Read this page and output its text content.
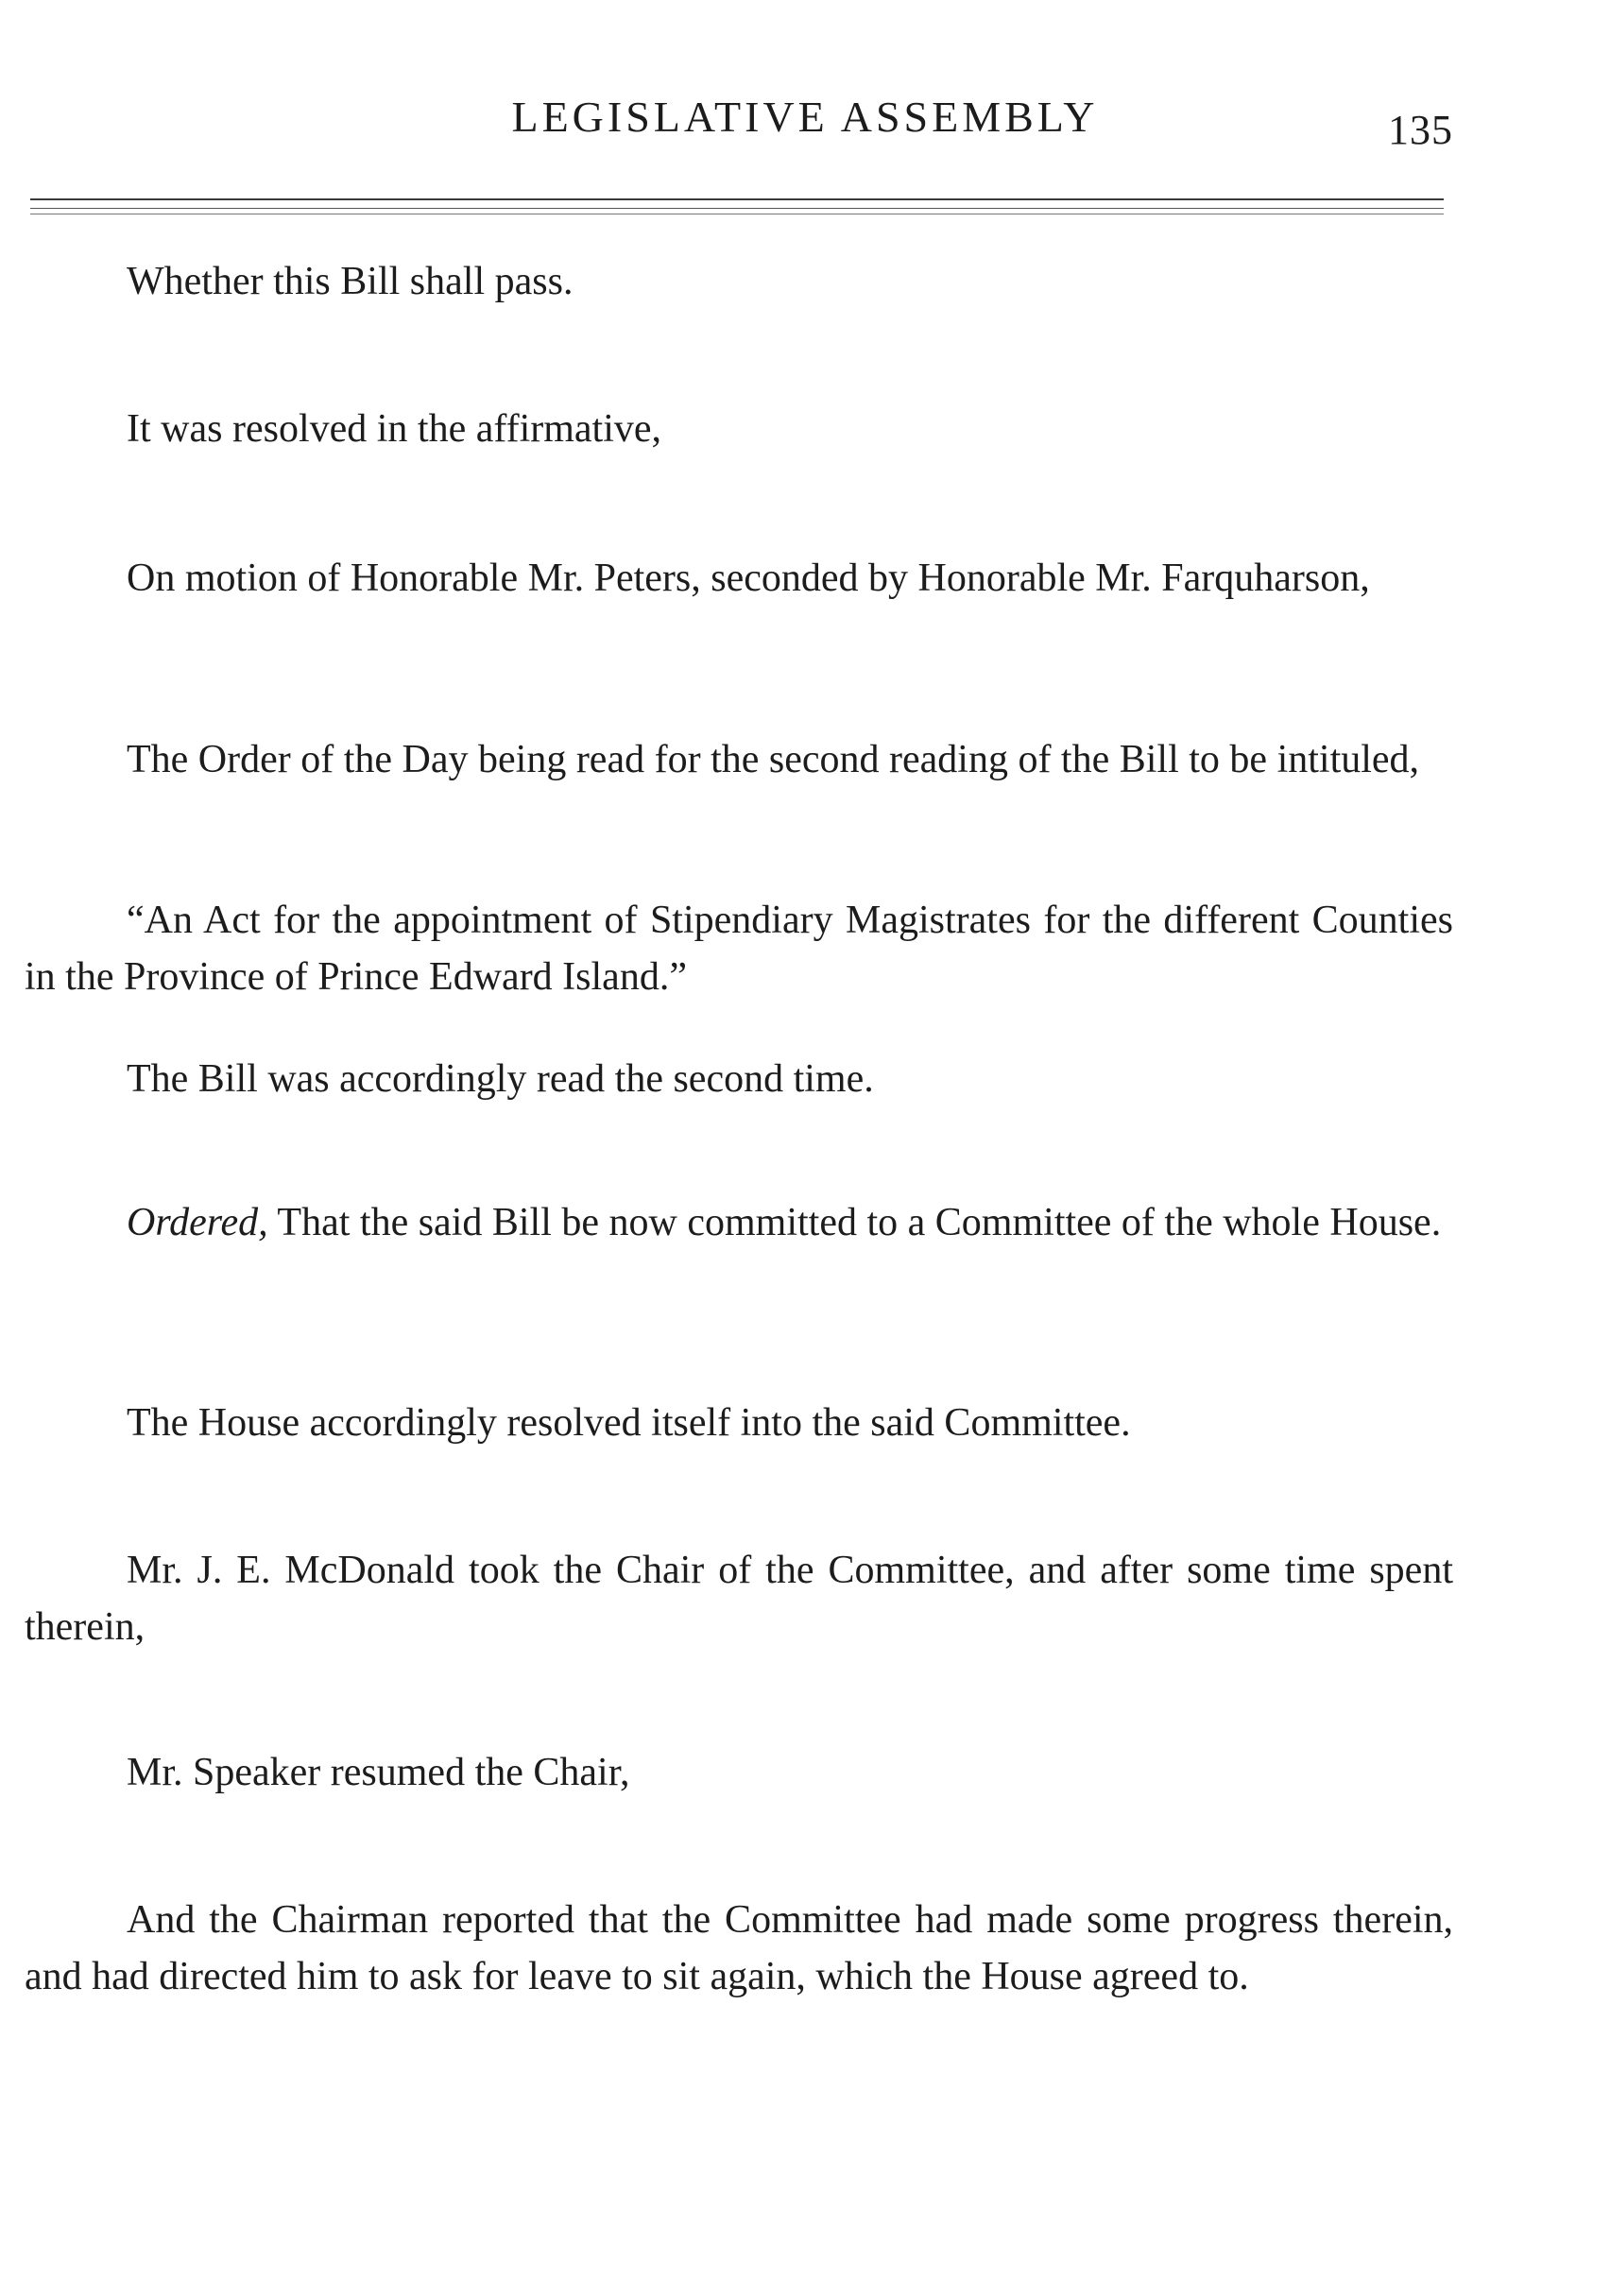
LEGISLATIVE ASSEMBLY	135

Whether this Bill shall pass.

It was resolved in the affirmative,

On motion of Honorable Mr. Peters, seconded by Honorable Mr. Farquharson,

The Order of the Day being read for the second reading of the Bill to be intituled,

“An Act for the appointment of Stipendiary Magistrates for the different Counties in the Province of Prince Edward Island.”

The Bill was accordingly read the second time.

Ordered, That the said Bill be now committed to a Committee of the whole House.

The House accordingly resolved itself into the said Committee.

Mr. J. E. McDonald took the Chair of the Committee, and after some time spent therein,

Mr. Speaker resumed the Chair,

And the Chairman reported that the Committee had made some progress therein, and had directed him to ask for leave to sit again, which the House agreed to.
